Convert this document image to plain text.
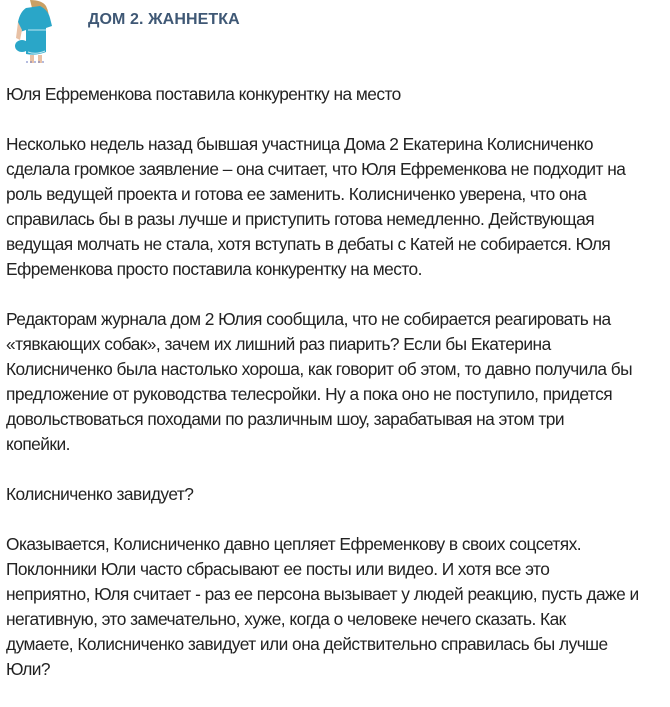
ДОМ 2. ЖАННЕТКА
Юля Ефременкова поставила конкурентку на место
Несколько недель назад бывшая участница Дома 2 Екатерина Колисниченко
сделала громкое заявление – она считает, что Юля Ефременкова не подходит на
роль ведущей проекта и готова ее заменить. Колисниченко уверена, что она
справилась бы в разы лучше и приступить готова немедленно. Действующая
ведущая молчать не стала, хотя вступать в дебаты с Катей не собирается. Юля
Ефременкова просто поставила конкурентку на место.
Редакторам журнала дом 2 Юлия сообщила, что не собирается реагировать на
«тявкающих собак», зачем их лишний раз пиарить? Если бы Екатерина
Колисниченко была настолько хороша, как говорит об этом, то давно получила бы
предложение от руководства телесройки. Ну а пока оно не поступило, придется
довольствоваться походами по различным шоу, зарабатывая на этом три
копейки.
Колисниченко завидует?
Оказывается, Колисниченко давно цепляет Ефременкову в своих соцсетях.
Поклонники Юли часто сбрасывают ее посты или видео. И хотя все это
неприятно, Юля считает - раз ее персона вызывает у людей реакцию, пусть даже и
негативную, это замечательно, хуже, когда о человеке нечего сказать. Как
думаете, Колисниченко завидует или она действительно справилась бы лучше
Юли?
